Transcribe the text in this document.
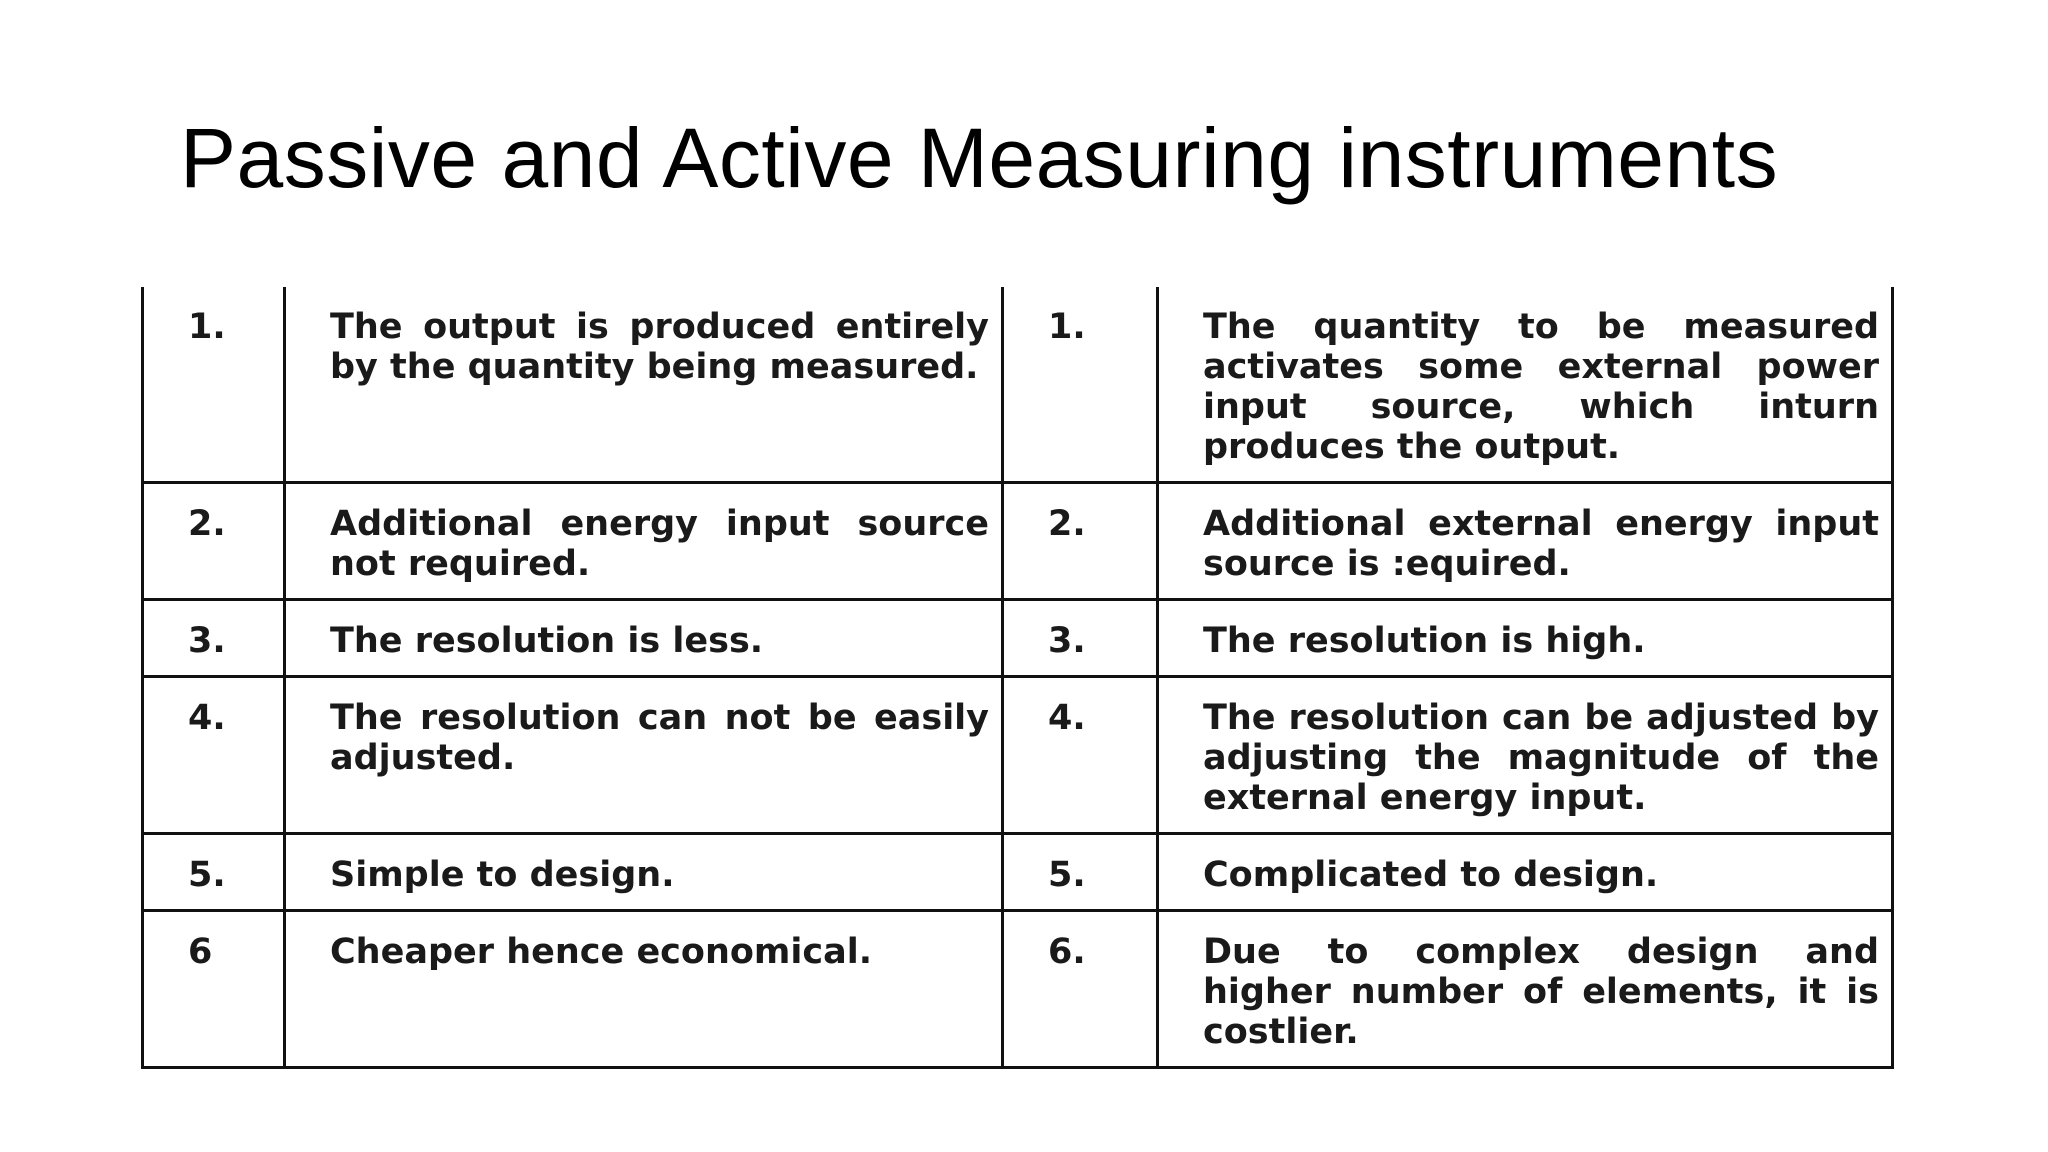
Passive and Active Measuring instruments
1.	The output is produced entirely by the quantity being measured.	1.	The quantity to be measured activates some external power input source, which inturn produces the output.
2.	Additional energy input source not required.	2.	Additional external energy input source is :equired.
3.	The resolution is less.	3.	The resolution is high.
4.	The resolution can not be easily adjusted.	4.	The resolution can be adjusted by adjusting the magnitude of the external energy input.
5.	Simple to design.	5.	Complicated to design.
6	Cheaper hence economical.	6.	Due to complex design and higher number of elements, it is costlier.
